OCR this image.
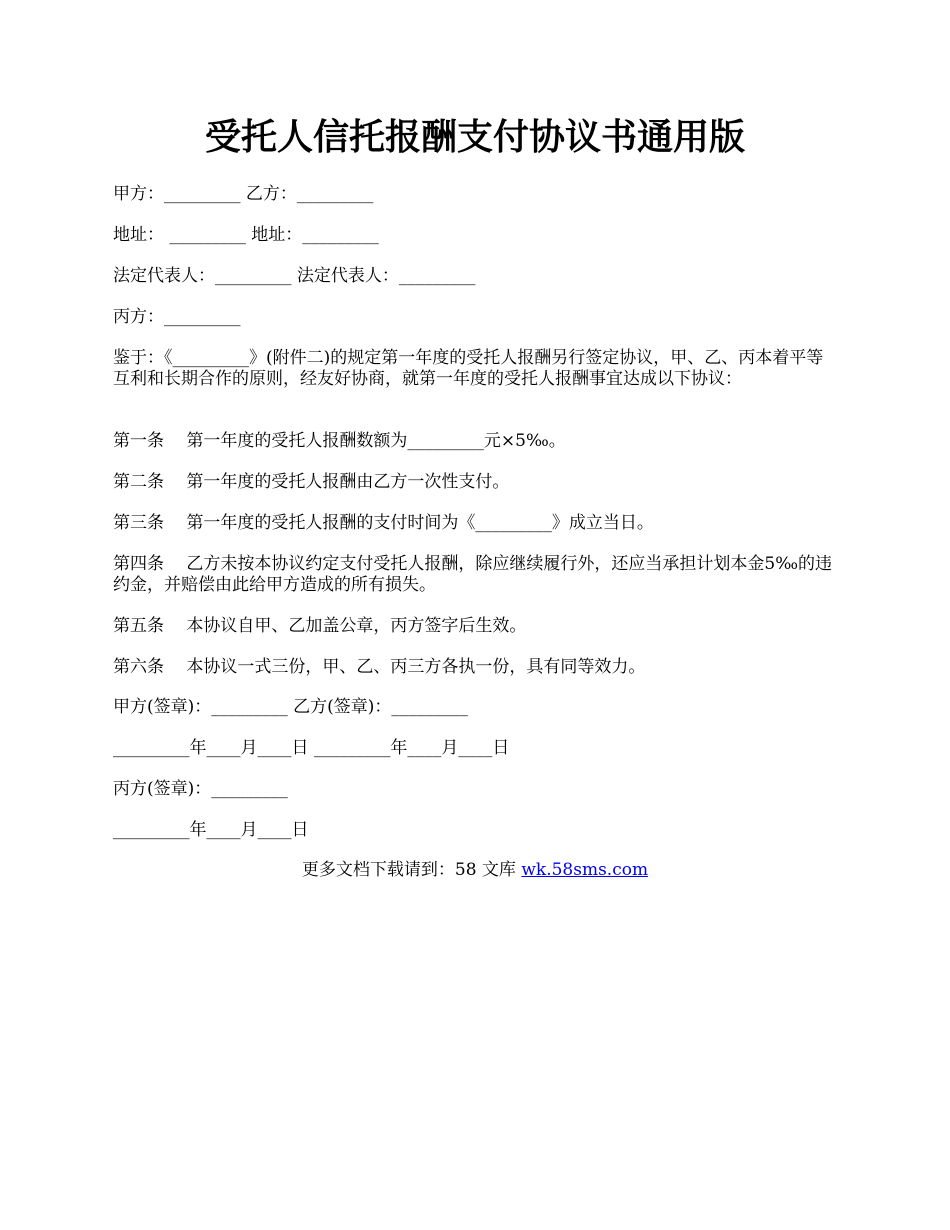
受托人信托报酬支付协议书通用版

甲方：_________ 乙方：_________

地址： _________ 地址：_________

法定代表人：_________ 法定代表人：_________

丙方：_________

鉴于：《_________》(附件二)的规定第一年度的受托人报酬另行签定协议，甲、乙、丙本着平等互利和长期合作的原则，经友好协商，就第一年度的受托人报酬事宜达成以下协议：

第一条　 第一年度的受托人报酬数额为_________元×5‰。

第二条　 第一年度的受托人报酬由乙方一次性支付。

第三条　 第一年度的受托人报酬的支付时间为《_________》成立当日。

第四条　 乙方未按本协议约定支付受托人报酬，除应继续履行外，还应当承担计划本金5‰的违约金，并赔偿由此给甲方造成的所有损失。

第五条　 本协议自甲、乙加盖公章，丙方签字后生效。

第六条　 本协议一式三份，甲、乙、丙三方各执一份，具有同等效力。

甲方(签章)：_________ 乙方(签章)：_________

_________年____月____日 _________年____月____日

丙方(签章)：_________

_________年____月____日

更多文档下载请到：58 文库 wk.58sms.com
